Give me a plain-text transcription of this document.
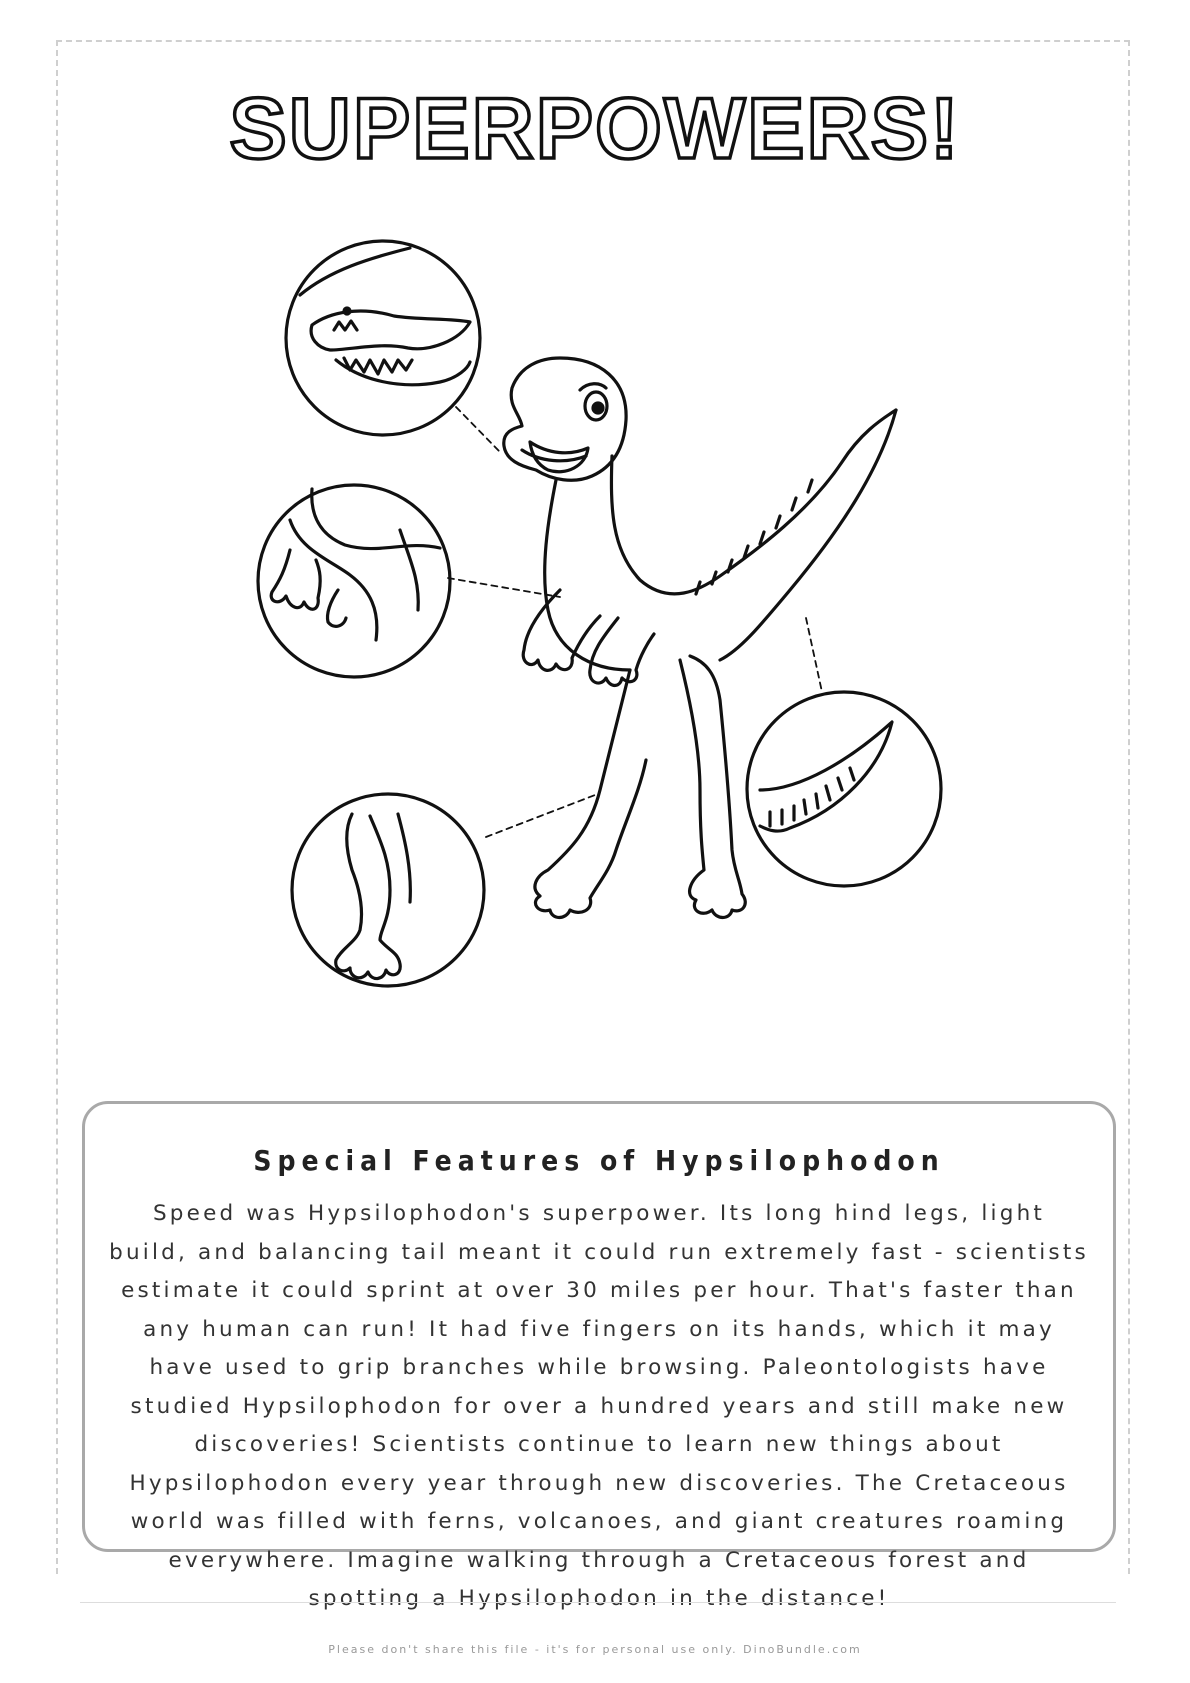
SUPERPOWERS!
Special Features of Hypsilophodon
Speed was Hypsilophodon's superpower. Its long hind legs, light build, and balancing tail meant it could run extremely fast - scientists estimate it could sprint at over 30 miles per hour. That's faster than any human can run! It had five fingers on its hands, which it may have used to grip branches while browsing. Paleontologists have studied Hypsilophodon for over a hundred years and still make new discoveries! Scientists continue to learn new things about Hypsilophodon every year through new discoveries. The Cretaceous world was filled with ferns, volcanoes, and giant creatures roaming everywhere. Imagine walking through a Cretaceous forest and spotting a Hypsilophodon in the distance!
Please don't share this file - it's for personal use only. DinoBundle.com
